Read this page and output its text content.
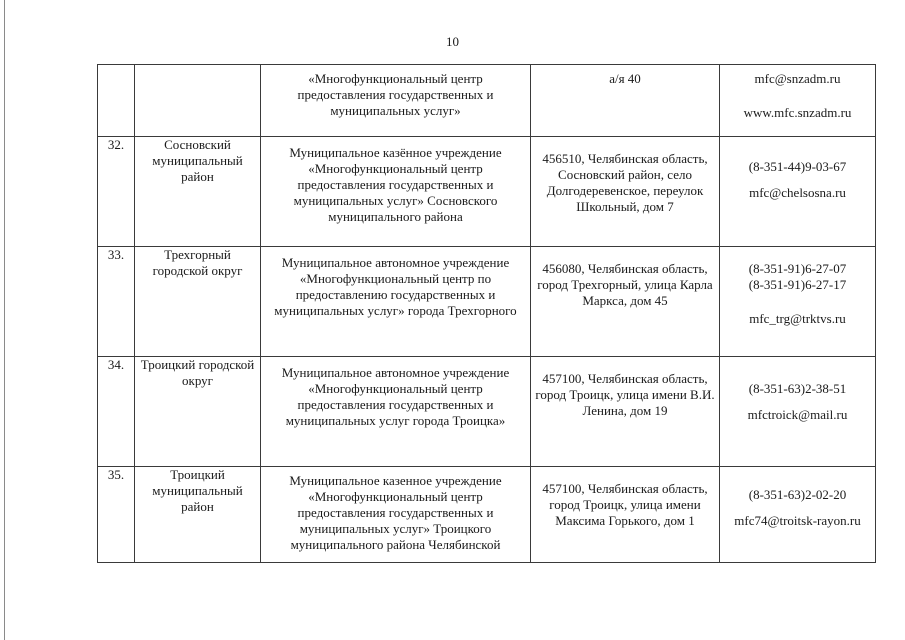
10

		«Многофункциональный центр предоставления государственных и муниципальных услуг»	а/я 40	mfc@snzadm.ru
www.mfc.snzadm.ru

32.	Сосновский муниципальный район	Муниципальное казённое учреждение «Многофункциональный центр предоставления государственных и муниципальных услуг» Сосновского муниципального района	456510, Челябинская область, Сосновский район, село Долгодеревенское, переулок Школьный, дом 7	(8-351-44)9-03-67
mfc@chelsosna.ru

33.	Трехгорный городской округ	Муниципальное автономное учреждение «Многофункциональный центр по предоставлению государственных и муниципальных услуг» города Трехгорного	456080, Челябинская область, город Трехгорный, улица Карла Маркса, дом 45	(8-351-91)6-27-07
(8-351-91)6-27-17
mfc_trg@trktvs.ru

34.	Троицкий городской округ	Муниципальное автономное учреждение «Многофункциональный центр предоставления государственных и муниципальных услуг города Троицка»	457100, Челябинская область, город Троицк, улица имени В.И. Ленина, дом 19	(8-351-63)2-38-51
mfctroick@mail.ru

35.	Троицкий муниципальный район	Муниципальное казенное учреждение «Многофункциональный центр предоставления государственных и муниципальных услуг» Троицкого муниципального района Челябинской	457100, Челябинская область, город Троицк, улица имени Максима Горького, дом 1	(8-351-63)2-02-20
mfc74@troitsk-rayon.ru
